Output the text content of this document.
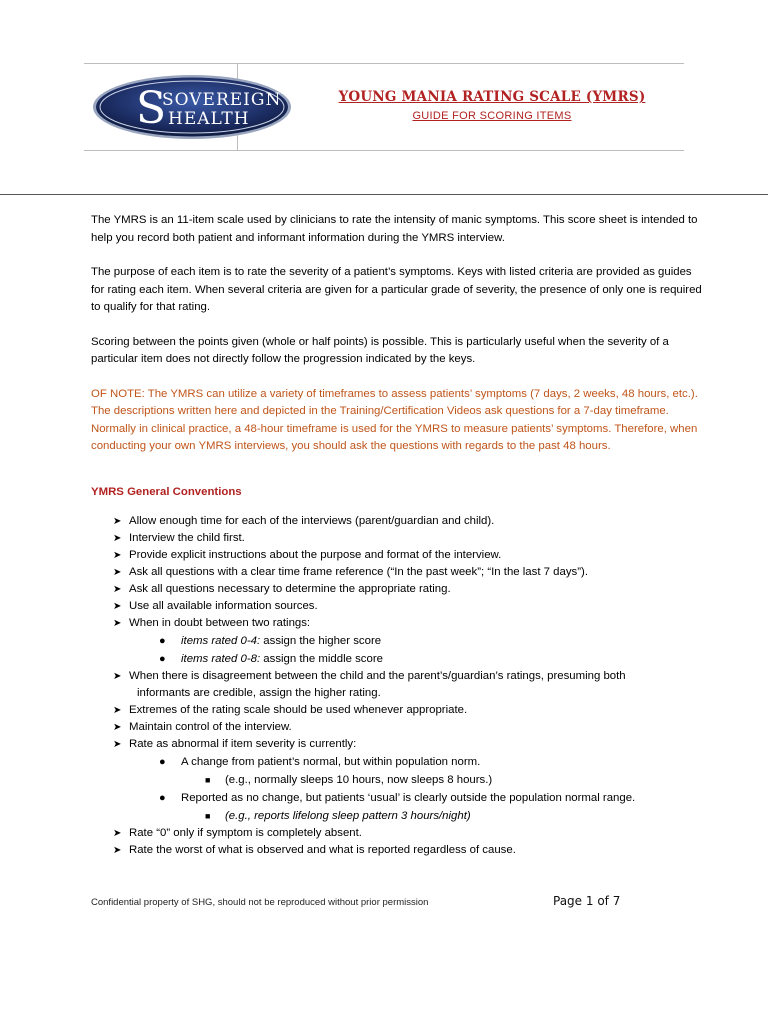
S
SOVEREIGN
HEALTH
YOUNG MANIA RATING SCALE (YMRS)
GUIDE FOR SCORING ITEMS

The YMRS is an 11-item scale used by clinicians to rate the intensity of manic symptoms. This score sheet is intended to help you record both patient and informant information during the YMRS interview.

The purpose of each item is to rate the severity of a patient’s symptoms. Keys with listed criteria are provided as guides for rating each item. When several criteria are given for a particular grade of severity, the presence of only one is required to qualify for that rating.

Scoring between the points given (whole or half points) is possible. This is particularly useful when the severity of a particular item does not directly follow the progression indicated by the keys.

OF NOTE: The YMRS can utilize a variety of timeframes to assess patients’ symptoms (7 days, 2 weeks, 48 hours, etc.). The descriptions written here and depicted in the Training/Certification Videos ask questions for a 7-day timeframe. Normally in clinical practice, a 48-hour timeframe is used for the YMRS to measure patients’ symptoms. Therefore, when conducting your own YMRS interviews, you should ask the questions with regards to the past 48 hours.

YMRS General Conventions
➤ Allow enough time for each of the interviews (parent/guardian and child).
➤ Interview the child first.
➤ Provide explicit instructions about the purpose and format of the interview.
➤ Ask all questions with a clear time frame reference (“In the past week”; “In the last 7 days”).
➤ Ask all questions necessary to determine the appropriate rating.
➤ Use all available information sources.
➤ When in doubt between two ratings:
● items rated 0-4: assign the higher score
● items rated 0-8: assign the middle score
➤ When there is disagreement between the child and the parent’s/guardian’s ratings, presuming both
informants are credible, assign the higher rating.
➤ Extremes of the rating scale should be used whenever appropriate.
➤ Maintain control of the interview.
➤ Rate as abnormal if item severity is currently:
● A change from patient’s normal, but within population norm.
■ (e.g., normally sleeps 10 hours, now sleeps 8 hours.)
● Reported as no change, but patients ‘usual’ is clearly outside the population normal range.
■ (e.g., reports lifelong sleep pattern 3 hours/night)
➤ Rate “0” only if symptom is completely absent.
➤ Rate the worst of what is observed and what is reported regardless of cause.
Confidential property of SHG, should not be reproduced without prior permission	Page 1 of 7
